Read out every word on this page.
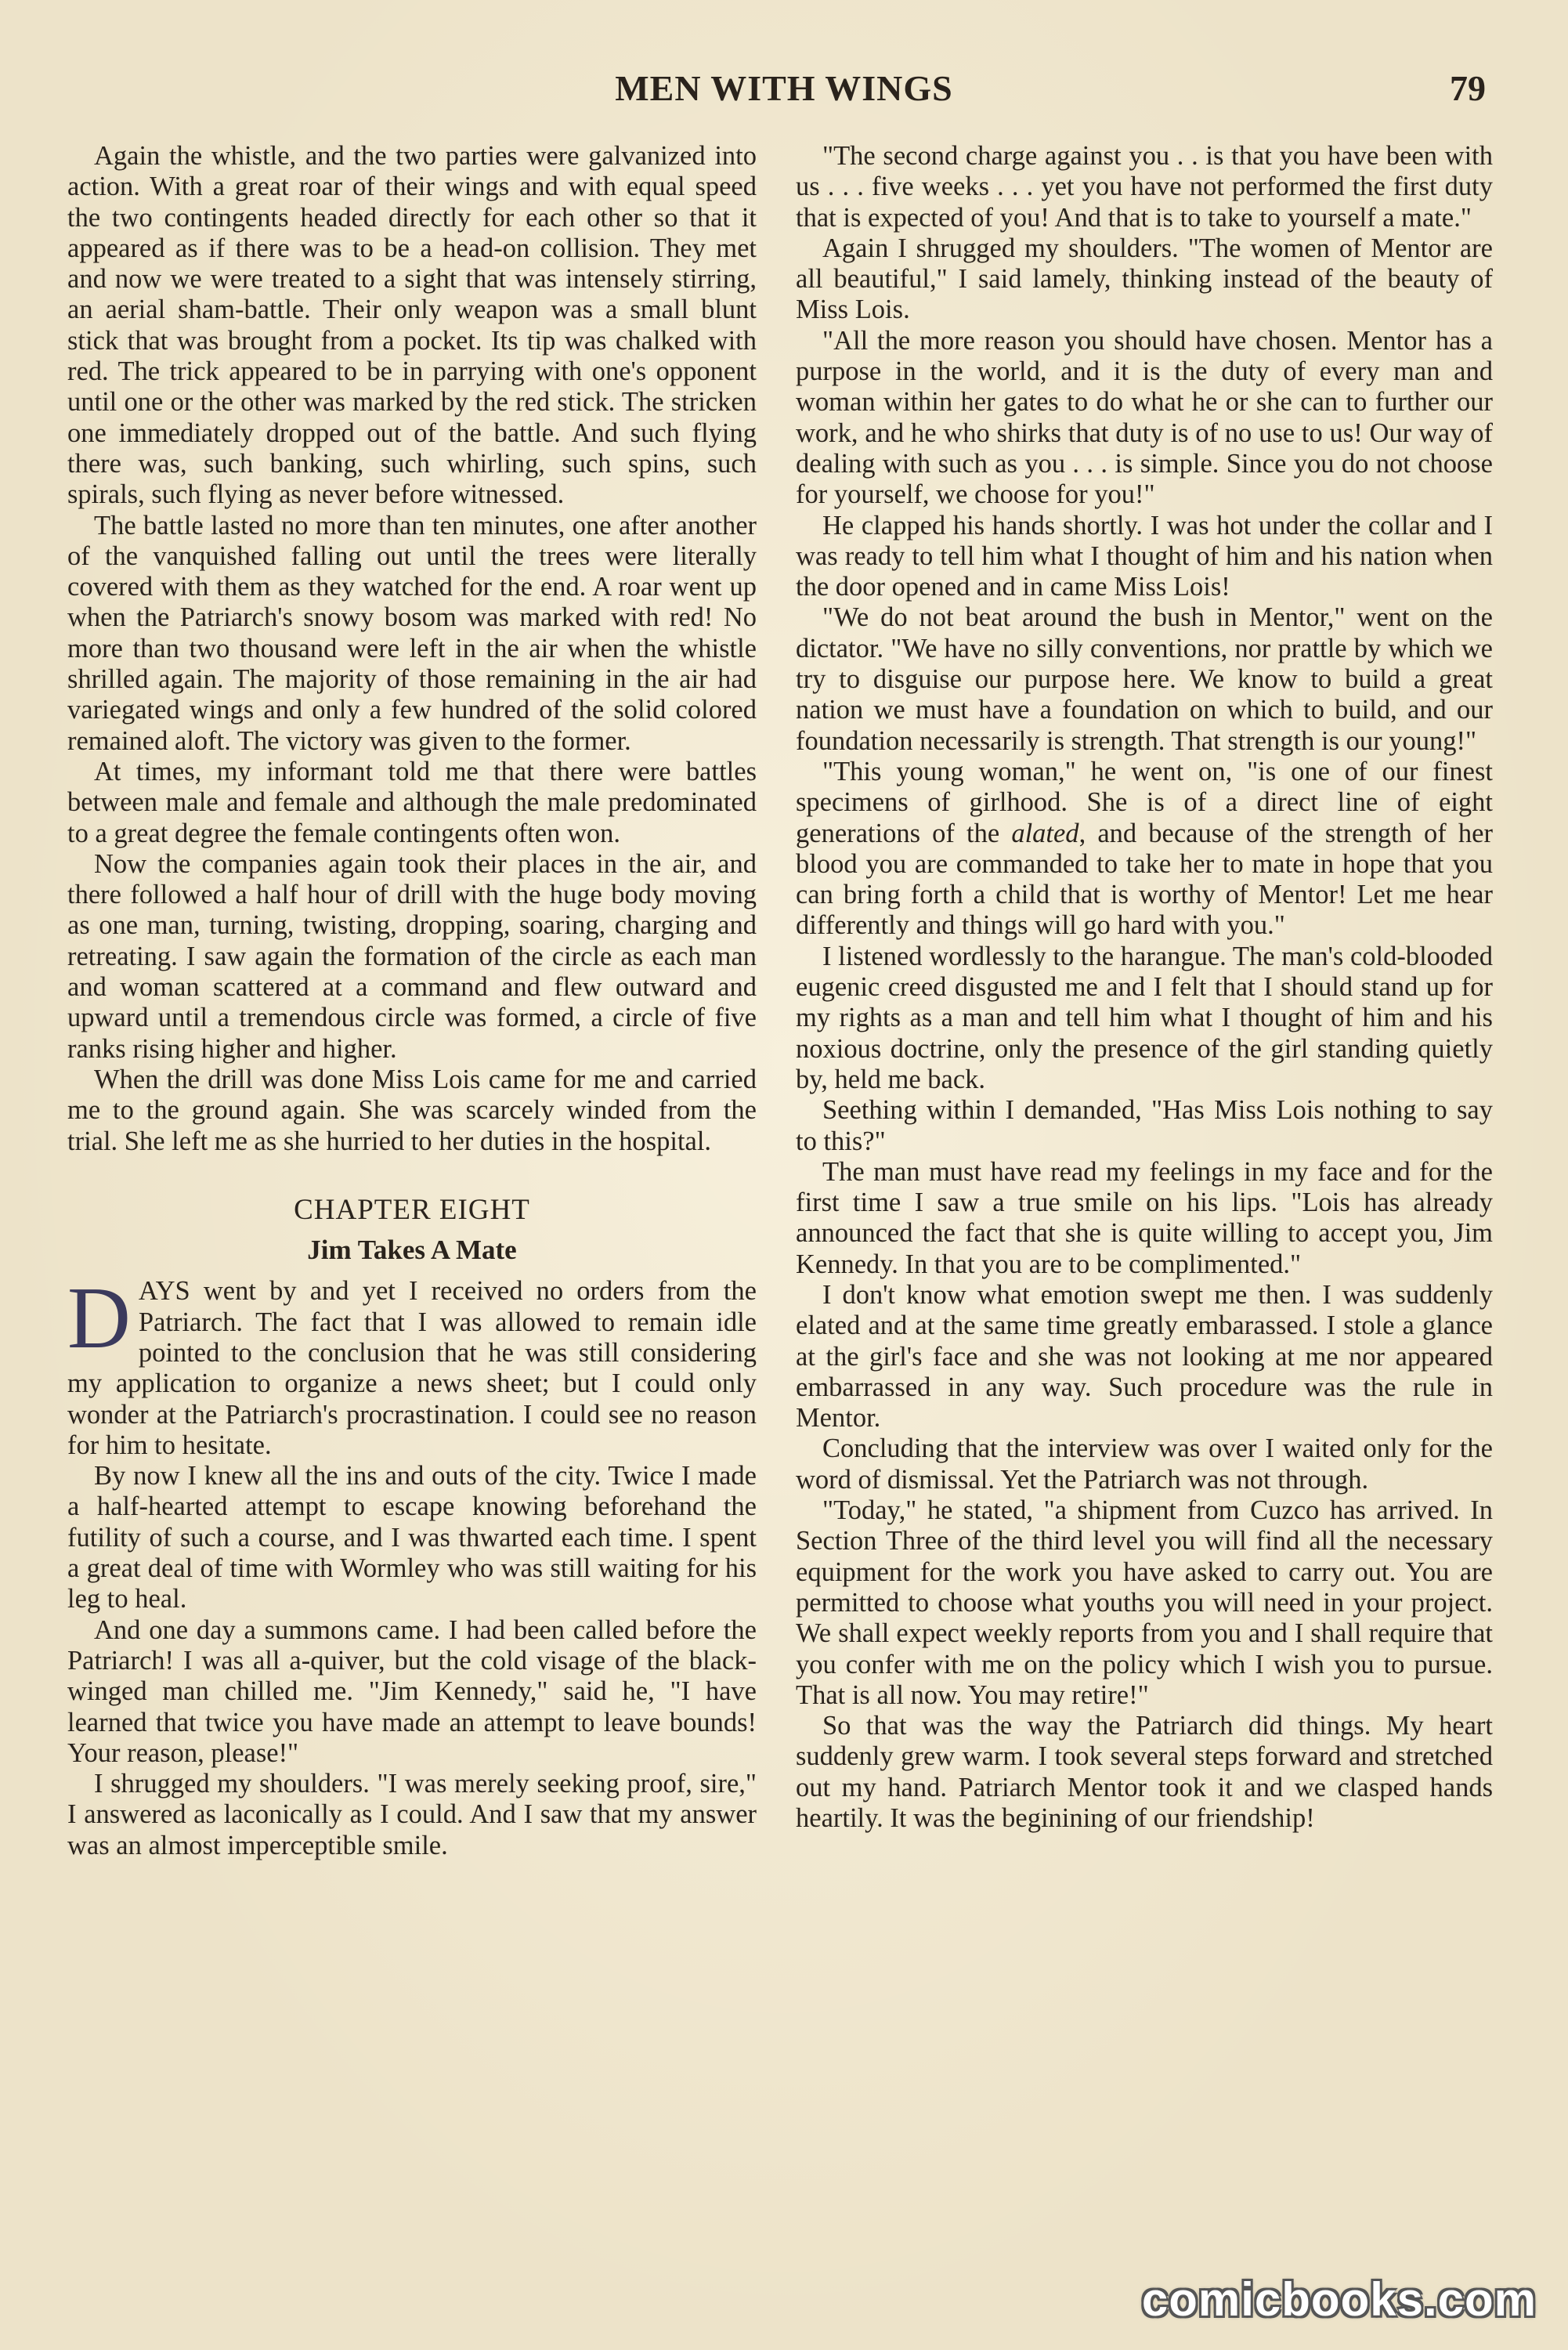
MEN WITH WINGS	79

Again the whistle, and the two parties were galvanized into action. With a great roar of their wings and with equal speed the two contingents headed directly for each other so that it appeared as if there was to be a head-on collision. They met and now we were treated to a sight that was intensely stirring, an aerial sham-battle. Their only weapon was a small blunt stick that was brought from a pocket. Its tip was chalked with red. The trick appeared to be in parrying with one's opponent until one or the other was marked by the red stick. The stricken one immediately dropped out of the battle. And such flying there was, such banking, such whirling, such spins, such spirals, such flying as never before witnessed.

The battle lasted no more than ten minutes, one after another of the vanquished falling out until the trees were literally covered with them as they watched for the end. A roar went up when the Patriarch's snowy bosom was marked with red! No more than two thousand were left in the air when the whistle shrilled again. The majority of those remaining in the air had variegated wings and only a few hundred of the solid colored remained aloft. The victory was given to the former.

At times, my informant told me that there were battles between male and female and although the male predominated to a great degree the female contingents often won.

Now the companies again took their places in the air, and there followed a half hour of drill with the huge body moving as one man, turning, twisting, dropping, soaring, charging and retreating. I saw again the formation of the circle as each man and woman scattered at a command and flew outward and upward until a tremendous circle was formed, a circle of five ranks rising higher and higher.

When the drill was done Miss Lois came for me and carried me to the ground again. She was scarcely winded from the trial. She left me as she hurried to her duties in the hospital.

CHAPTER EIGHT
Jim Takes A Mate

DAYS went by and yet I received no orders from the Patriarch. The fact that I was allowed to remain idle pointed to the conclusion that he was still considering my application to organize a news sheet; but I could only wonder at the Patriarch's procrastination. I could see no reason for him to hesitate.

By now I knew all the ins and outs of the city. Twice I made a half-hearted attempt to escape knowing beforehand the futility of such a course, and I was thwarted each time. I spent a great deal of time with Wormley who was still waiting for his leg to heal.

And one day a summons came. I had been called before the Patriarch! I was all a-quiver, but the cold visage of the black-winged man chilled me. "Jim Kennedy," said he, "I have learned that twice you have made an attempt to leave bounds! Your reason, please!"

I shrugged my shoulders. "I was merely seeking proof, sire," I answered as laconically as I could. And I saw that my answer was an almost imperceptible smile.

"The second charge against you . . is that you have been with us . . . five weeks . . . yet you have not performed the first duty that is expected of you! And that is to take to yourself a mate."

Again I shrugged my shoulders. "The women of Mentor are all beautiful," I said lamely, thinking instead of the beauty of Miss Lois.

"All the more reason you should have chosen. Mentor has a purpose in the world, and it is the duty of every man and woman within her gates to do what he or she can to further our work, and he who shirks that duty is of no use to us! Our way of dealing with such as you . . . is simple. Since you do not choose for yourself, we choose for you!"

He clapped his hands shortly. I was hot under the collar and I was ready to tell him what I thought of him and his nation when the door opened and in came Miss Lois!

"We do not beat around the bush in Mentor," went on the dictator. "We have no silly conventions, nor prattle by which we try to disguise our purpose here. We know to build a great nation we must have a foundation on which to build, and our foundation necessarily is strength. That strength is our young!"

"This young woman," he went on, "is one of our finest specimens of girlhood. She is of a direct line of eight generations of the alated, and because of the strength of her blood you are commanded to take her to mate in hope that you can bring forth a child that is worthy of Mentor! Let me hear differently and things will go hard with you."

I listened wordlessly to the harangue. The man's cold-blooded eugenic creed disgusted me and I felt that I should stand up for my rights as a man and tell him what I thought of him and his noxious doctrine, only the presence of the girl standing quietly by, held me back.

Seething within I demanded, "Has Miss Lois nothing to say to this?"

The man must have read my feelings in my face and for the first time I saw a true smile on his lips. "Lois has already announced the fact that she is quite willing to accept you, Jim Kennedy. In that you are to be complimented."

I don't know what emotion swept me then. I was suddenly elated and at the same time greatly embarassed. I stole a glance at the girl's face and she was not looking at me nor appeared embarrassed in any way. Such procedure was the rule in Mentor.

Concluding that the interview was over I waited only for the word of dismissal. Yet the Patriarch was not through.

"Today," he stated, "a shipment from Cuzco has arrived. In Section Three of the third level you will find all the necessary equipment for the work you have asked to carry out. You are permitted to choose what youths you will need in your project. We shall expect weekly reports from you and I shall require that you confer with me on the policy which I wish you to pursue. That is all now. You may retire!"

So that was the way the Patriarch did things. My heart suddenly grew warm. I took several steps forward and stretched out my hand. Patriarch Mentor took it and we clasped hands heartily. It was the beginining of our friendship!

comicbooks.com
